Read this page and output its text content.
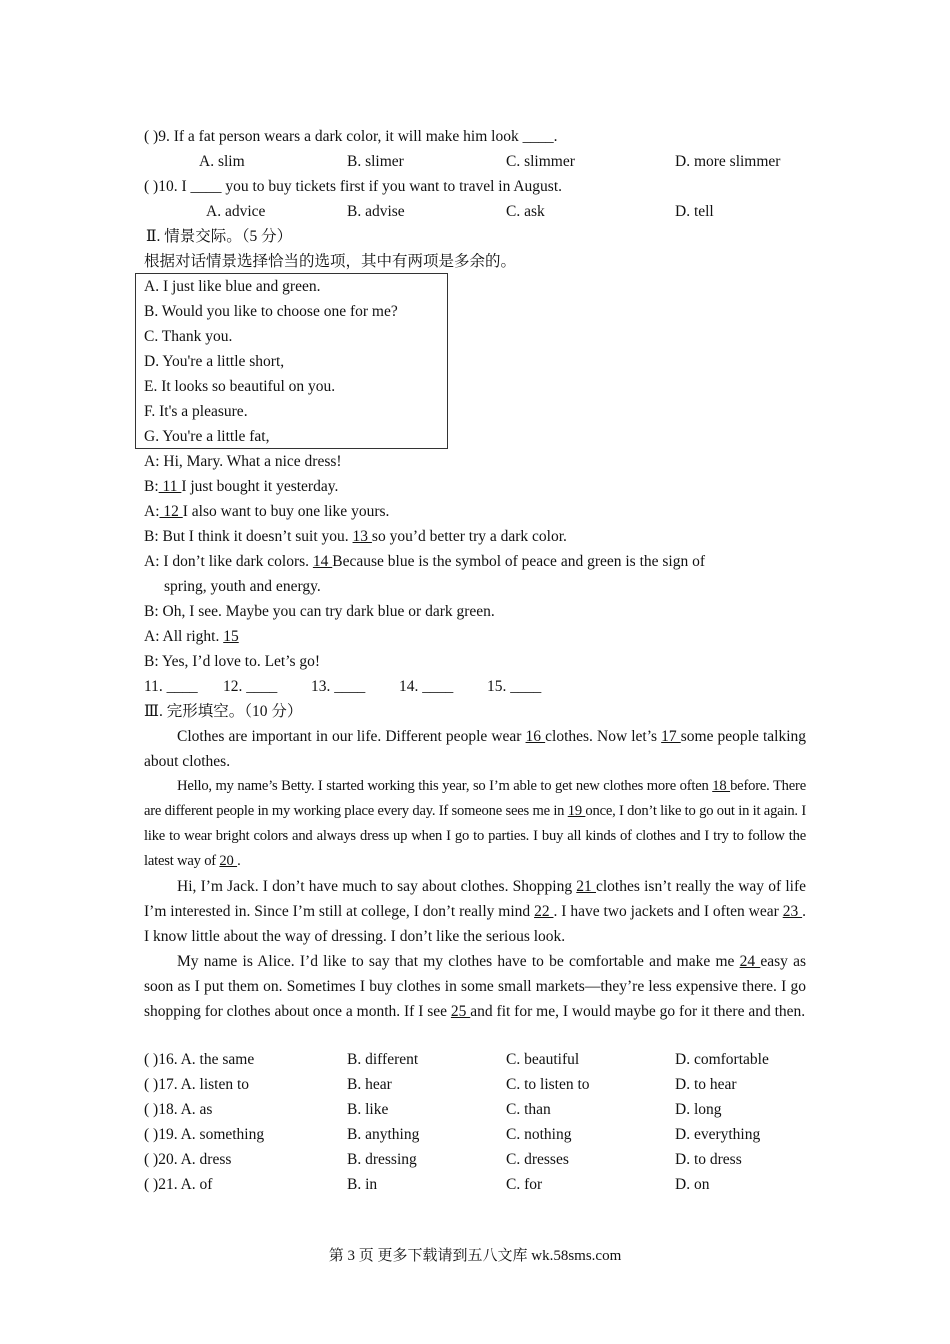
( )9. If a fat person wears a dark color, it will make him look ____.
A. slim	B. slimer	C. slimmer	D. more slimmer
( )10. I ____ you to buy tickets first if you want to travel in August.
A. advice	B. advise	C. ask	D. tell
Ⅱ. 情景交际。（5 分）
根据对话情景选择恰当的选项，其中有两项是多余的。
A. I just like blue and green.
B. Would you like to choose one for me?
C. Thank you.
D. You're a little short,
E. It looks so beautiful on you.
F. It's a pleasure.
G. You're a little fat,
A: Hi, Mary. What a nice dress!
B: 11 I just bought it yesterday.
A: 12 I also want to buy one like yours.
B: But I think it doesn’t suit you. 13 so you’d better try a dark color.
A: I don’t like dark colors. 14 Because blue is the symbol of peace and green is the sign of
spring, youth and energy.
B: Oh, I see. Maybe you can try dark blue or dark green.
A: All right. 15
B: Yes, I’d love to. Let’s go!
11. ____ 12. ____ 13. ____ 14. ____ 15. ____
Ⅲ. 完形填空。（10 分）

Clothes are important in our life. Different people wear 16 clothes. Now let’s 17 some people talking about clothes.

Hello, my name’s Betty. I started working this year, so I’m able to get new clothes more often 18 before. There are different people in my working place every day. If someone sees me in 19 once, I don’t like to go out in it again. I like to wear bright colors and always dress up when I go to parties. I buy all kinds of clothes and I try to follow the latest way of 20 .

Hi, I’m Jack. I don’t have much to say about clothes. Shopping 21 clothes isn’t really the way of life I’m interested in. Since I’m still at college, I don’t really mind 22 . I have two jackets and I often wear 23 . I know little about the way of dressing. I don’t like the serious look.

My name is Alice. I’d like to say that my clothes have to be comfortable and make me 24 easy as soon as I put them on. Sometimes I buy clothes in some small markets—they’re less expensive there. I go shopping for clothes about once a month. If I see 25 and fit for me, I would maybe go for it there and then.

( )16. A. the same	B. different	C. beautiful	D. comfortable
( )17. A. listen to	B. hear	C. to listen to	D. to hear
( )18. A. as	B. like	C. than	D. long
( )19. A. something	B. anything	C. nothing	D. everything
( )20. A. dress	B. dressing	C. dresses	D. to dress
( )21. A. of	B. in	C. for	D. on
第 3 页 更多下载请到五八文库 wk.58sms.com
